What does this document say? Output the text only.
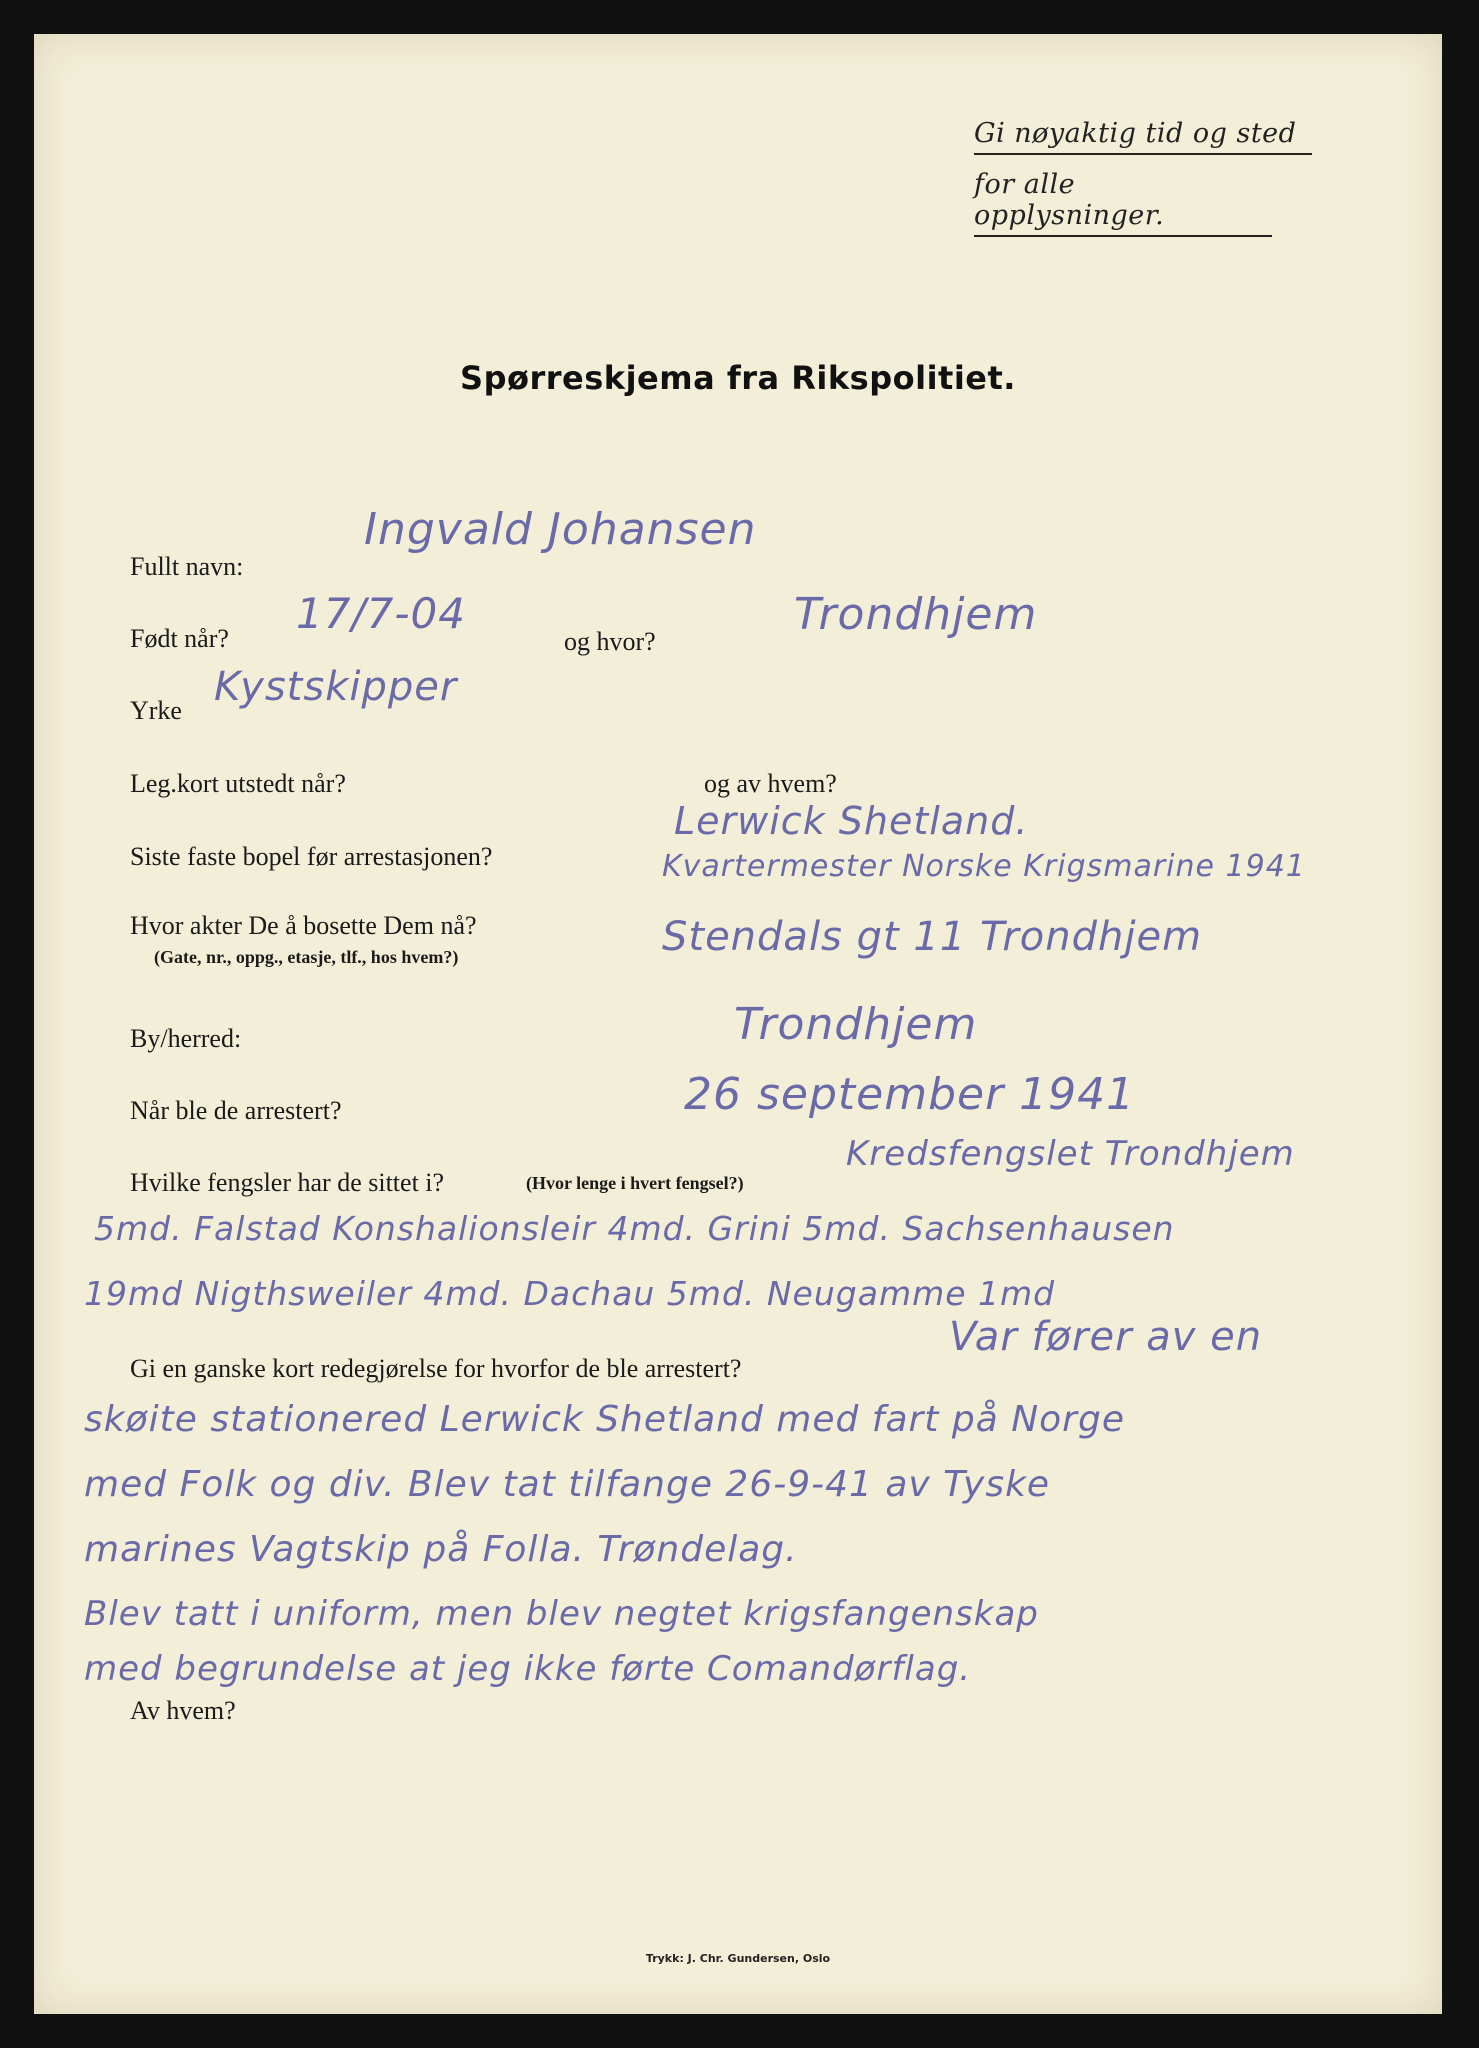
Gi nøyaktig tid og sted
for alle opplysninger.
Spørreskjema fra Rikspolitiet.
Fullt navn:
Ingvald Johansen
Født når?
17/7-04
og hvor?
Trondhjem
Yrke
Kystskipper
Leg.kort utstedt når?	og av hvem?
Siste faste bopel før arrestasjonen?
Lerwick Shetland.
Kvartermester Norske Krigsmarine 1941
Hvor akter De å bosette Dem nå?
(Gate, nr., oppg., etasje, tlf., hos hvem?)	Stendals gt 11 Trondhjem
By/herred:	Trondhjem
Når ble de arrestert?	26 september 1941
Hvilke fengsler har de sittet i?	(Hvor lenge i hvert fengsel?)
Kredsfengslet Trondhjem
5md. Falstad Konshalionsleir 4md. Grini 5md. Sachsenhausen
19md Nigthsweiler 4md. Dachau 5md. Neugamme 1md
Gi en ganske kort redegjørelse for hvorfor de ble arrestert?
Var fører av en
skøite stationered Lerwick Shetland med fart på Norge
med Folk og div. Blev tat tilfange 26-9-41 av Tyske
marines Vagtskip på Folla. Trøndelag.
Blev tatt i uniform, men blev negtet krigsfangenskap
med begrundelse at jeg ikke førte Comandørflag.
Av hvem?
Trykk: J. Chr. Gundersen, Oslo
